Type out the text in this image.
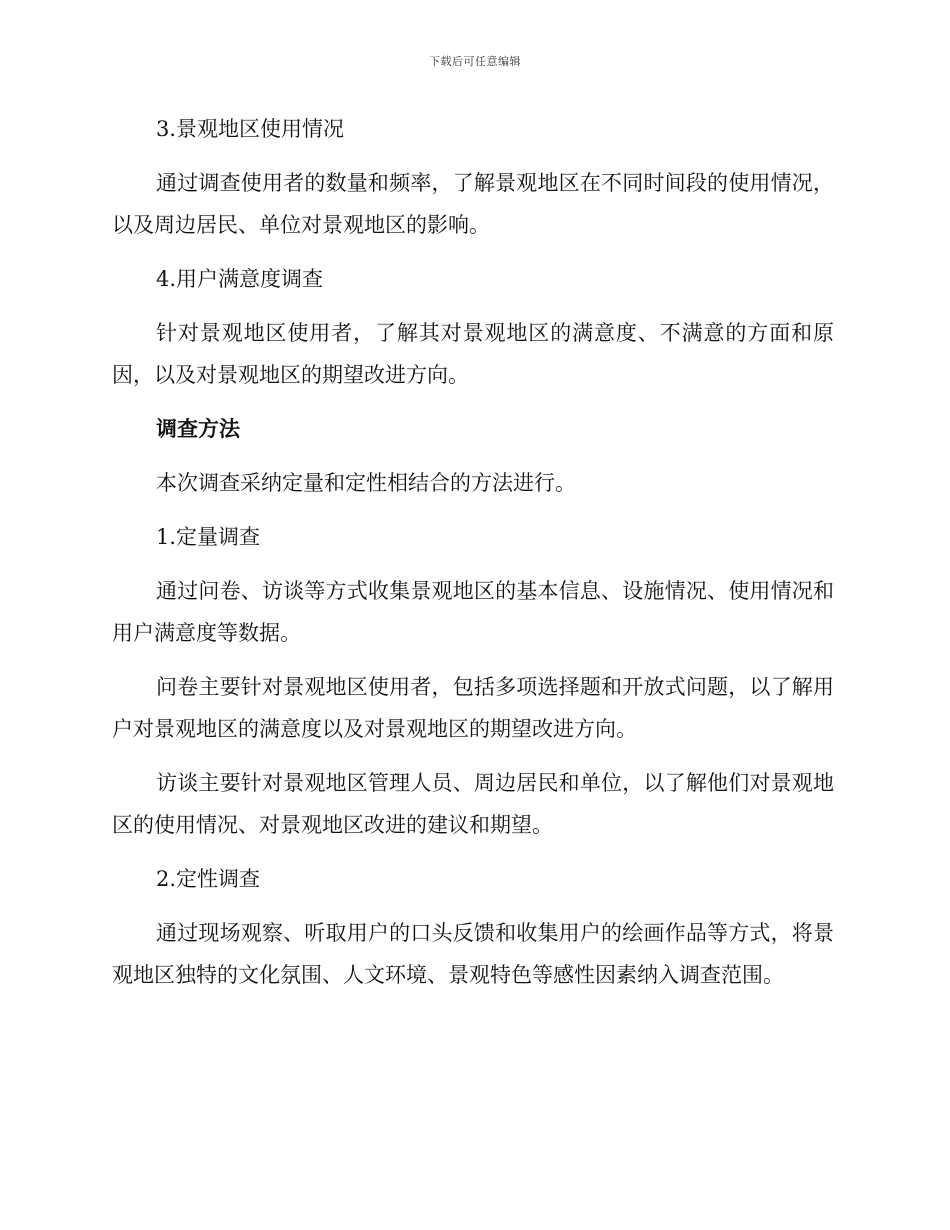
下载后可任意编辑

3.景观地区使用情况

通过调查使用者的数量和频率，了解景观地区在不同时间段的使用情况，以及周边居民、单位对景观地区的影响。

4.用户满意度调查

针对景观地区使用者，了解其对景观地区的满意度、不满意的方面和原因，以及对景观地区的期望改进方向。

调查方法

本次调查采纳定量和定性相结合的方法进行。

1.定量调查

通过问卷、访谈等方式收集景观地区的基本信息、设施情况、使用情况和用户满意度等数据。

问卷主要针对景观地区使用者，包括多项选择题和开放式问题，以了解用户对景观地区的满意度以及对景观地区的期望改进方向。

访谈主要针对景观地区管理人员、周边居民和单位，以了解他们对景观地区的使用情况、对景观地区改进的建议和期望。

2.定性调查

通过现场观察、听取用户的口头反馈和收集用户的绘画作品等方式，将景观地区独特的文化氛围、人文环境、景观特色等感性因素纳入调查范围。
